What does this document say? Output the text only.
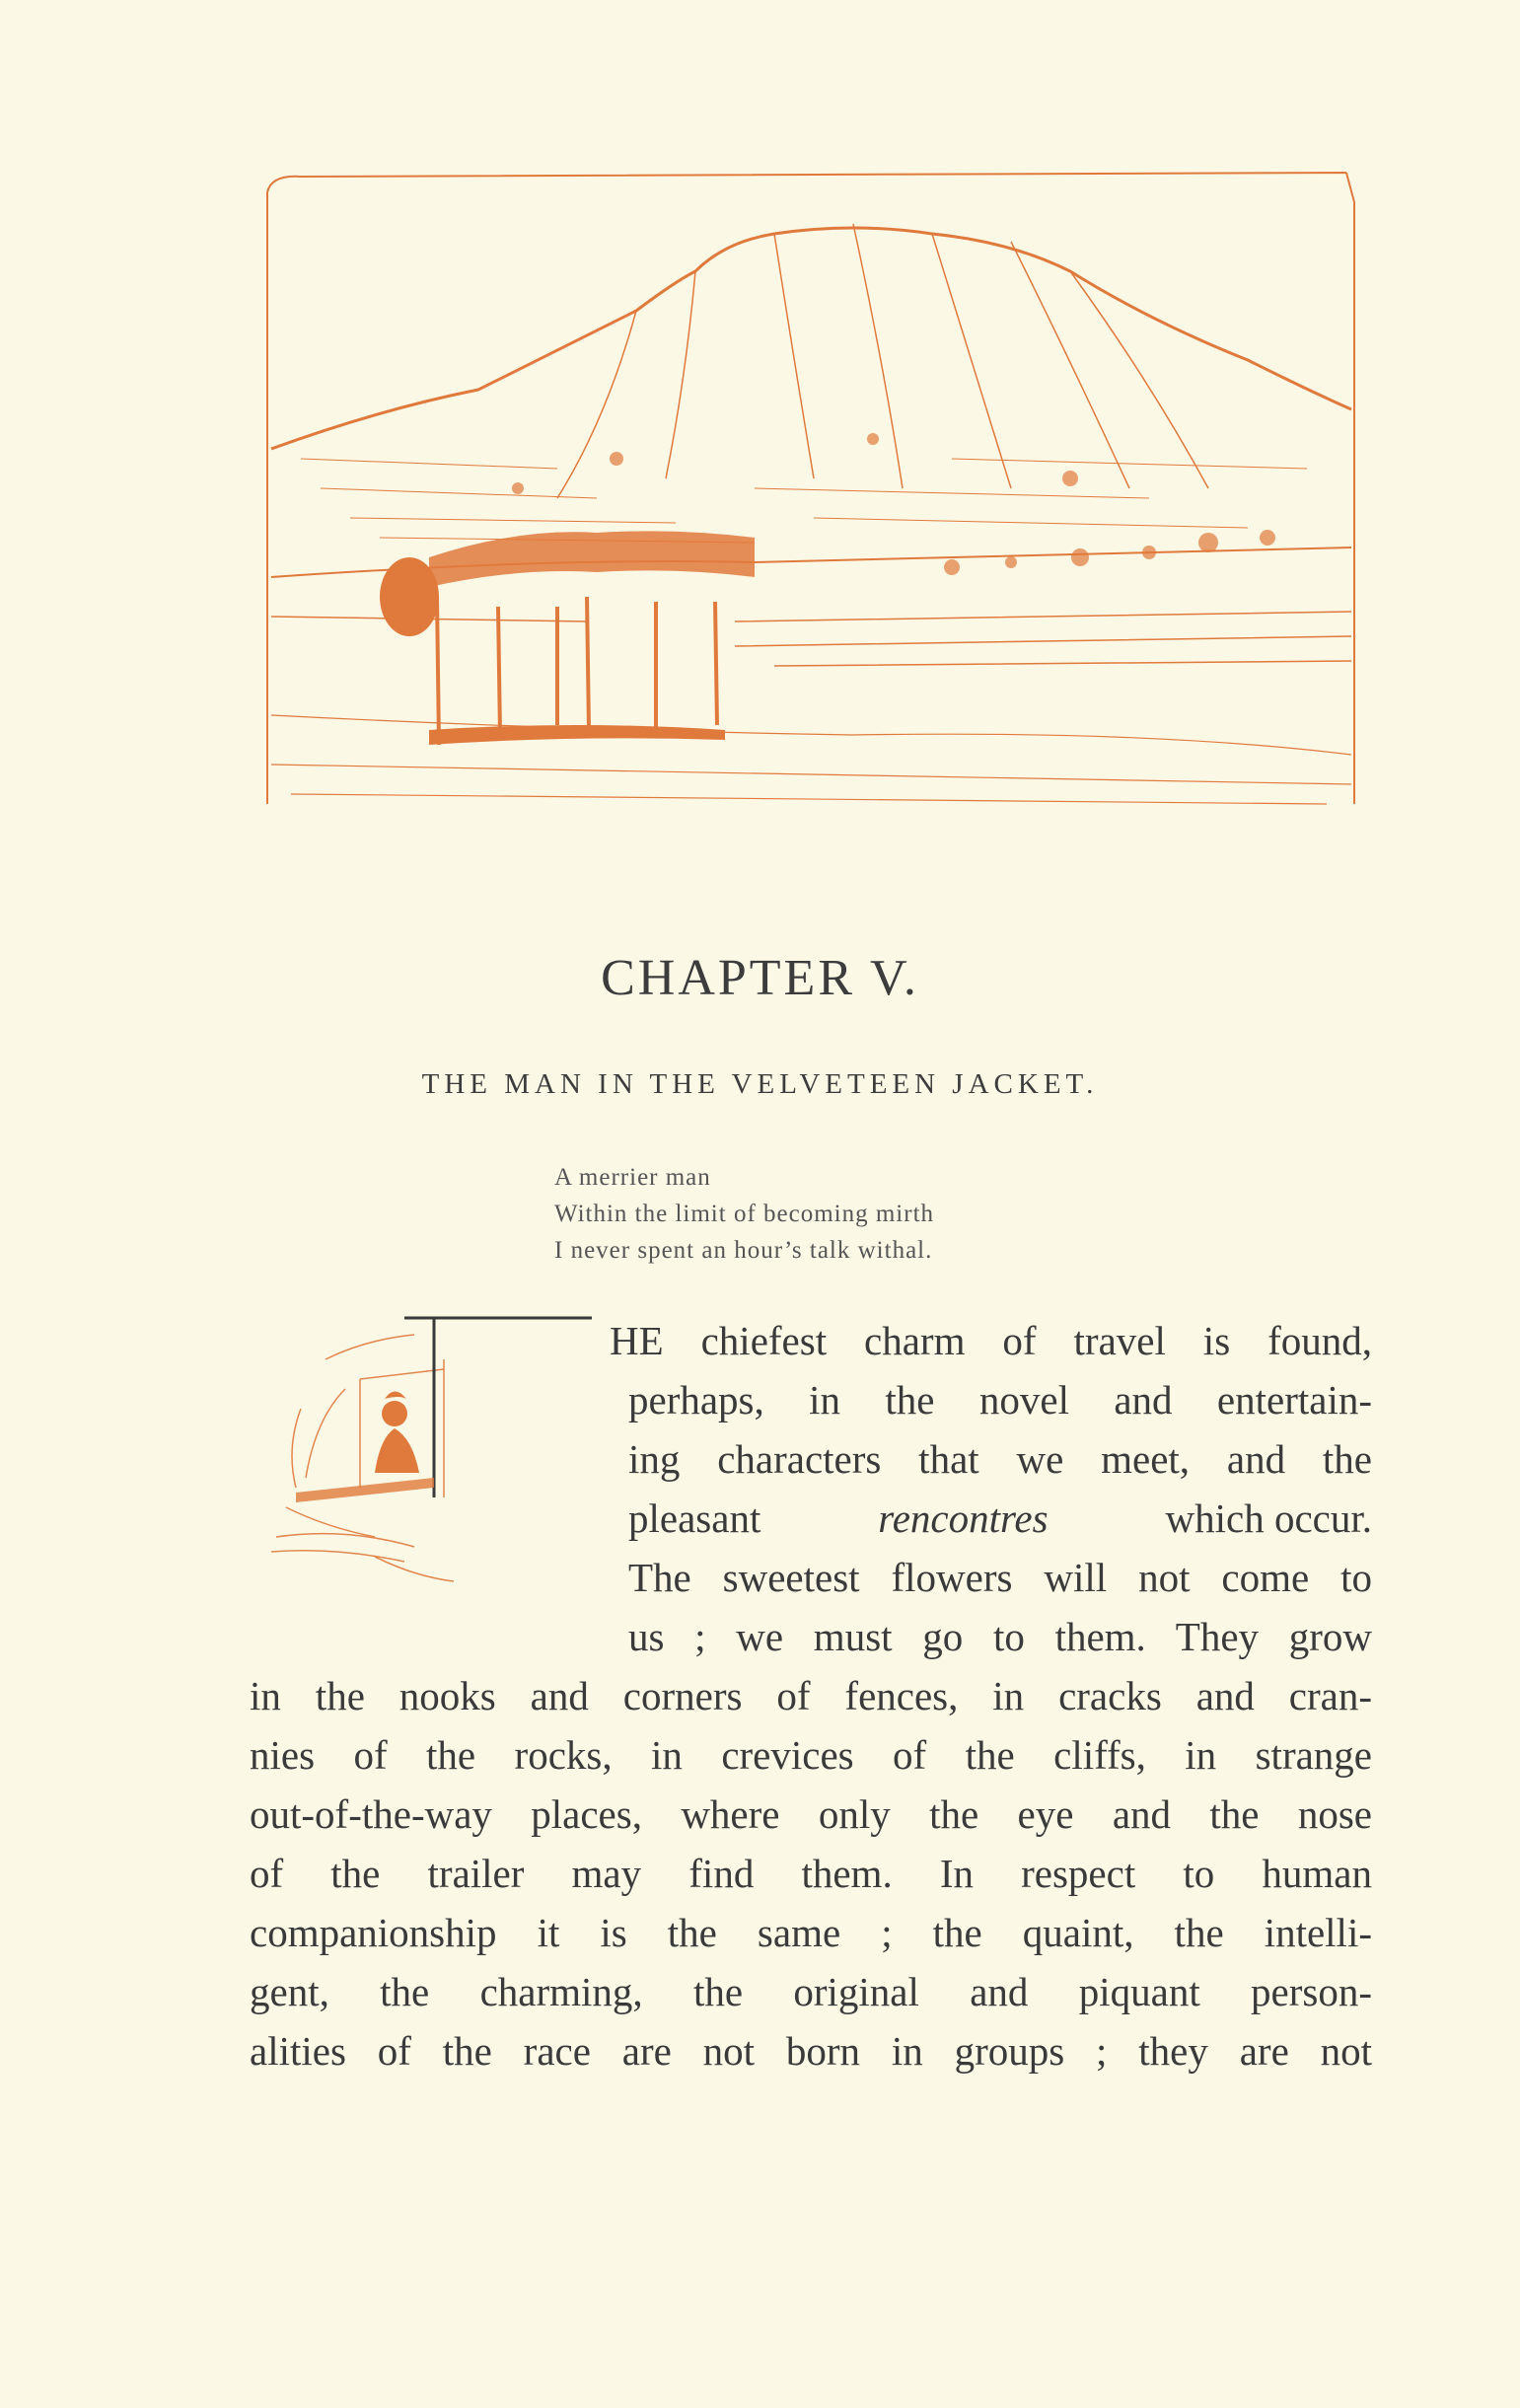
CHAPTER V.
THE MAN IN THE VELVETEEN JACKET.
A merrier man
Within the limit of becoming mirth
I never spent an hour’s talk withal.
HE chiefest charm of travel is found,
perhaps, in the novel and entertain-
ing characters that we meet, and the
pleasant	rencontres	which occur.
The sweetest flowers will not come to
us ; we must go to them. They grow
in the nooks and corners of fences, in cracks and cran-
nies of the rocks, in crevices of the cliffs, in strange
out-of-the-way places, where only the eye and the nose
of the trailer may find them. In respect to human
companionship it is the same ; the quaint, the intelli-
gent, the charming, the original and piquant person-
alities of the race are not born in groups ; they are not
